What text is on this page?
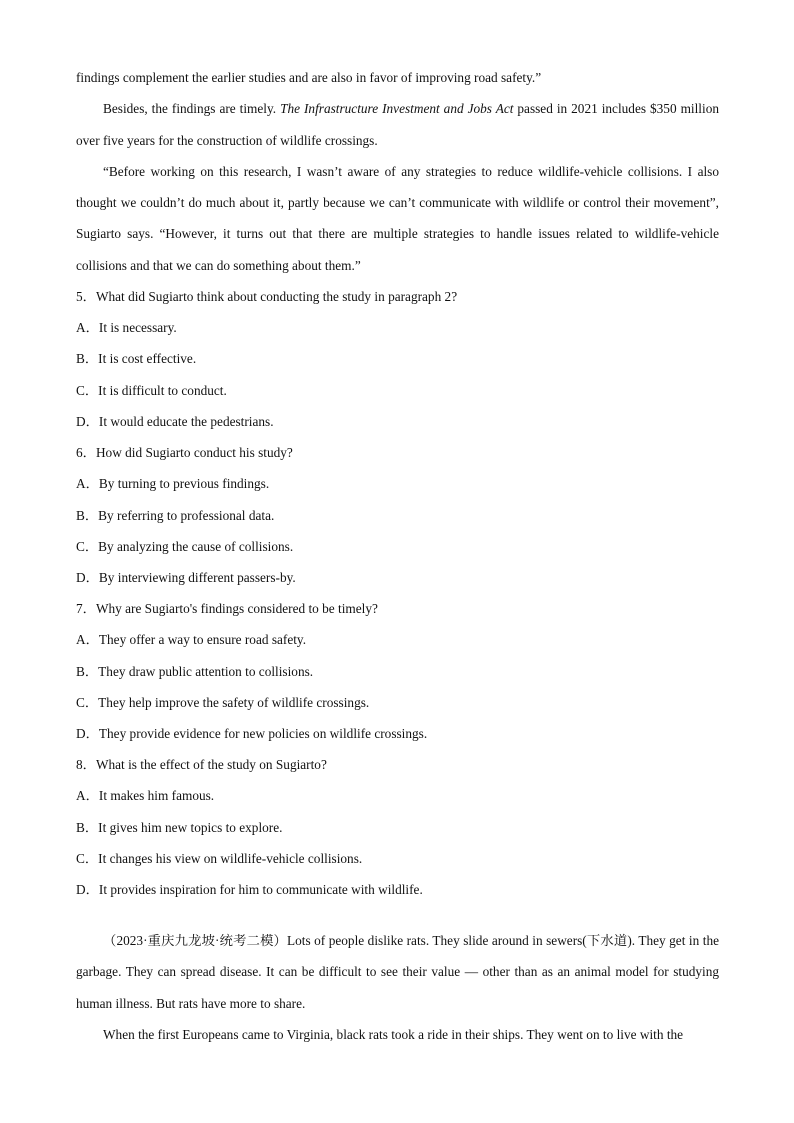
findings complement the earlier studies and are also in favor of improving road safety.”

Besides, the findings are timely. The Infrastructure Investment and Jobs Act passed in 2021 includes $350 million over five years for the construction of wildlife crossings.

“Before working on this research, I wasn’t aware of any strategies to reduce wildlife-vehicle collisions. I also thought we couldn’t do much about it, partly because we can’t communicate with wildlife or control their movement”, Sugiarto says. “However, it turns out that there are multiple strategies to handle issues related to wildlife-vehicle collisions and that we can do something about them.”

5．What did Sugiarto think about conducting the study in paragraph 2?

A．It is necessary.

B．It is cost effective.

C．It is difficult to conduct.

D．It would educate the pedestrians.

6．How did Sugiarto conduct his study?

A．By turning to previous findings.

B．By referring to professional data.

C．By analyzing the cause of collisions.

D．By interviewing different passers-by.

7．Why are Sugiarto's findings considered to be timely?

A．They offer a way to ensure road safety.

B．They draw public attention to collisions.

C．They help improve the safety of wildlife crossings.

D．They provide evidence for new policies on wildlife crossings.

8．What is the effect of the study on Sugiarto?

A．It makes him famous.

B．It gives him new topics to explore.

C．It changes his view on wildlife-vehicle collisions.

D．It provides inspiration for him to communicate with wildlife.

（2023·重庆九龙坡·统考二模）Lots of people dislike rats. They slide around in sewers(下水道). They get in the garbage. They can spread disease. It can be difficult to see their value — other than as an animal model for studying human illness. But rats have more to share.

When the first Europeans came to Virginia, black rats took a ride in their ships. They went on to live with the
